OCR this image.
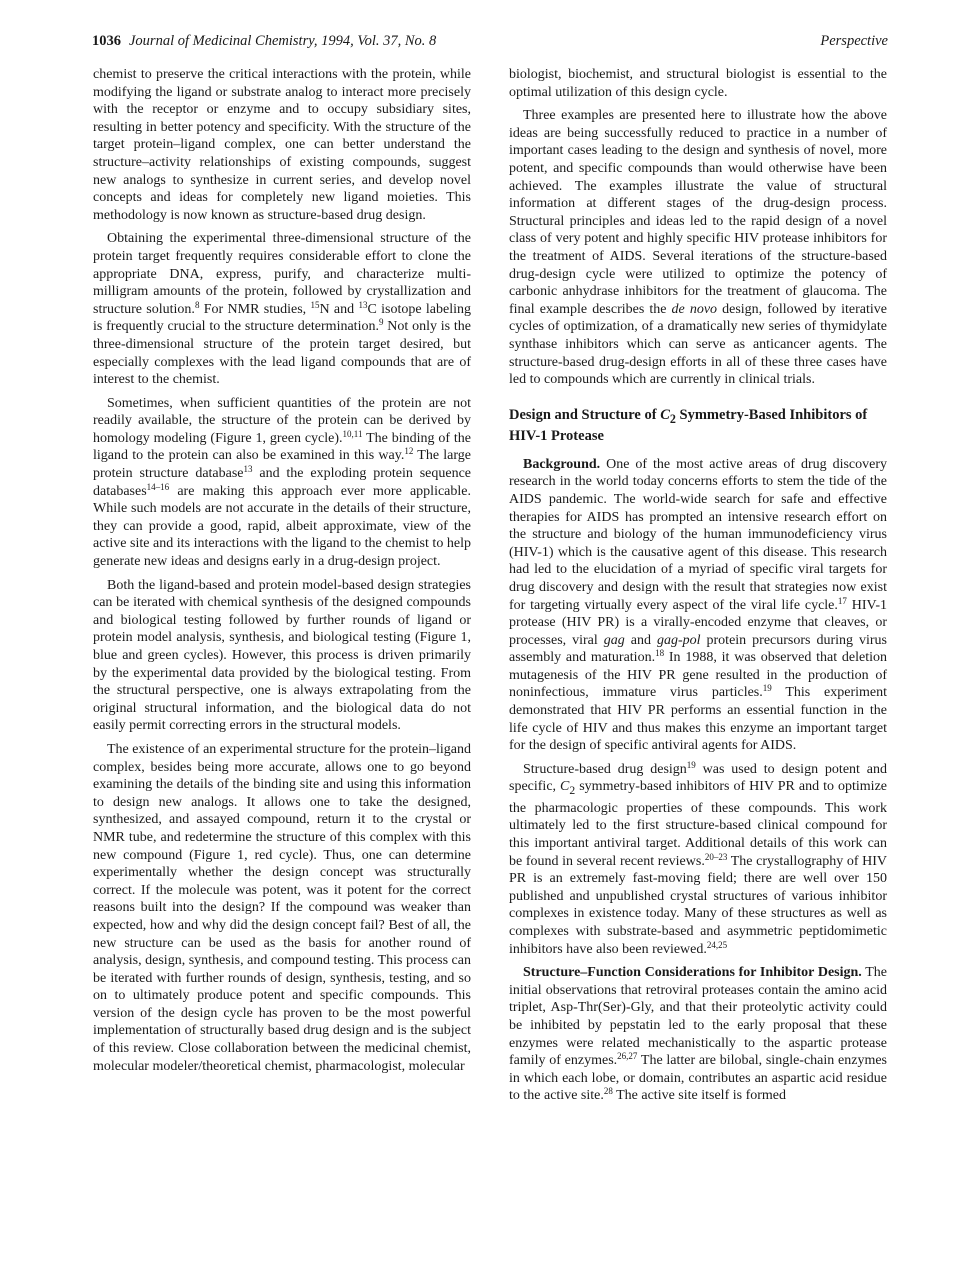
1036 Journal of Medicinal Chemistry, 1994, Vol. 37, No. 8	Perspective

chemist to preserve the critical interactions with the protein, while modifying the ligand or substrate analog to interact more precisely with the receptor or enzyme and to occupy subsidiary sites, resulting in better potency and specificity. With the structure of the target protein–ligand complex, one can better understand the structure–activity relationships of existing compounds, suggest new analogs to synthesize in current series, and develop novel concepts and ideas for completely new ligand moieties. This methodology is now known as structure-based drug design.

Obtaining the experimental three-dimensional structure of the protein target frequently requires considerable effort to clone the appropriate DNA, express, purify, and characterize multi-milligram amounts of the protein, followed by crystallization and structure solution.$^8$ For NMR studies, $^{15}$N and $^{13}$C isotope labeling is frequently crucial to the structure determination.$^9$ Not only is the three-dimensional structure of the protein target desired, but especially complexes with the lead ligand compounds that are of interest to the chemist.

Sometimes, when sufficient quantities of the protein are not readily available, the structure of the protein can be derived by homology modeling (Figure 1, green cycle).$^{10,11}$ The binding of the ligand to the protein can also be examined in this way.$^{12}$ The large protein structure database$^{13}$ and the exploding protein sequence databases$^{14-16}$ are making this approach ever more applicable. While such models are not accurate in the details of their structure, they can provide a good, rapid, albeit approximate, view of the active site and its interactions with the ligand to the chemist to help generate new ideas and designs early in a drug-design project.

Both the ligand-based and protein model-based design strategies can be iterated with chemical synthesis of the designed compounds and biological testing followed by further rounds of ligand or protein model analysis, synthesis, and biological testing (Figure 1, blue and green cycles). However, this process is driven primarily by the experimental data provided by the biological testing. From the structural perspective, one is always extrapolating from the original structural information, and the biological data do not easily permit correcting errors in the structural models.

The existence of an experimental structure for the protein–ligand complex, besides being more accurate, allows one to go beyond examining the details of the binding site and using this information to design new analogs. It allows one to take the designed, synthesized, and assayed compound, return it to the crystal or NMR tube, and redetermine the structure of this complex with this new compound (Figure 1, red cycle). Thus, one can determine experimentally whether the design concept was structurally correct. If the molecule was potent, was it potent for the correct reasons built into the design? If the compound was weaker than expected, how and why did the design concept fail? Best of all, the new structure can be used as the basis for another round of analysis, design, synthesis, and compound testing. This process can be iterated with further rounds of design, synthesis, testing, and so on to ultimately produce potent and specific compounds. This version of the design cycle has proven to be the most powerful implementation of structurally based drug design and is the subject of this review. Close collaboration between the medicinal chemist, molecular modeler/theoretical chemist, pharmacologist, molecular

biologist, biochemist, and structural biologist is essential to the optimal utilization of this design cycle.

Three examples are presented here to illustrate how the above ideas are being successfully reduced to practice in a number of important cases leading to the design and synthesis of novel, more potent, and specific compounds than would otherwise have been achieved. The examples illustrate the value of structural information at different stages of the drug-design process. Structural principles and ideas led to the rapid design of a novel class of very potent and highly specific HIV protease inhibitors for the treatment of AIDS. Several iterations of the structure-based drug-design cycle were utilized to optimize the potency of carbonic anhydrase inhibitors for the treatment of glaucoma. The final example describes the de novo design, followed by iterative cycles of optimization, of a dramatically new series of thymidylate synthase inhibitors which can serve as anticancer agents. The structure-based drug-design efforts in all of these three cases have led to compounds which are currently in clinical trials.

Design and Structure of $C_2$ Symmetry-Based Inhibitors of HIV-1 Protease

Background. One of the most active areas of drug discovery research in the world today concerns efforts to stem the tide of the AIDS pandemic. The world-wide search for safe and effective therapies for AIDS has prompted an intensive research effort on the structure and biology of the human immunodeficiency virus (HIV-1) which is the causative agent of this disease. This research had led to the elucidation of a myriad of specific viral targets for drug discovery and design with the result that strategies now exist for targeting virtually every aspect of the viral life cycle.$^{17}$ HIV-1 protease (HIV PR) is a virally-encoded enzyme that cleaves, or processes, viral gag and gag-pol protein precursors during virus assembly and maturation.$^{18}$ In 1988, it was observed that deletion mutagenesis of the HIV PR gene resulted in the production of noninfectious, immature virus particles.$^{19}$ This experiment demonstrated that HIV PR performs an essential function in the life cycle of HIV and thus makes this enzyme an important target for the design of specific antiviral agents for AIDS.

Structure-based drug design$^{19}$ was used to design potent and specific, $C_2$ symmetry-based inhibitors of HIV PR and to optimize the pharmacologic properties of these compounds. This work ultimately led to the first structure-based clinical compound for this important antiviral target. Additional details of this work can be found in several recent reviews.$^{20-23}$ The crystallography of HIV PR is an extremely fast-moving field; there are well over 150 published and unpublished crystal structures of various inhibitor complexes in existence today. Many of these structures as well as complexes with substrate-based and asymmetric peptidomimetic inhibitors have also been reviewed.$^{24,25}$

Structure–Function Considerations for Inhibitor Design. The initial observations that retroviral proteases contain the amino acid triplet, Asp-Thr(Ser)-Gly, and that their proteolytic activity could be inhibited by pepstatin led to the early proposal that these enzymes were related mechanistically to the aspartic protease family of enzymes.$^{26,27}$ The latter are bilobal, single-chain enzymes in which each lobe, or domain, contributes an aspartic acid residue to the active site.$^{28}$ The active site itself is formed
